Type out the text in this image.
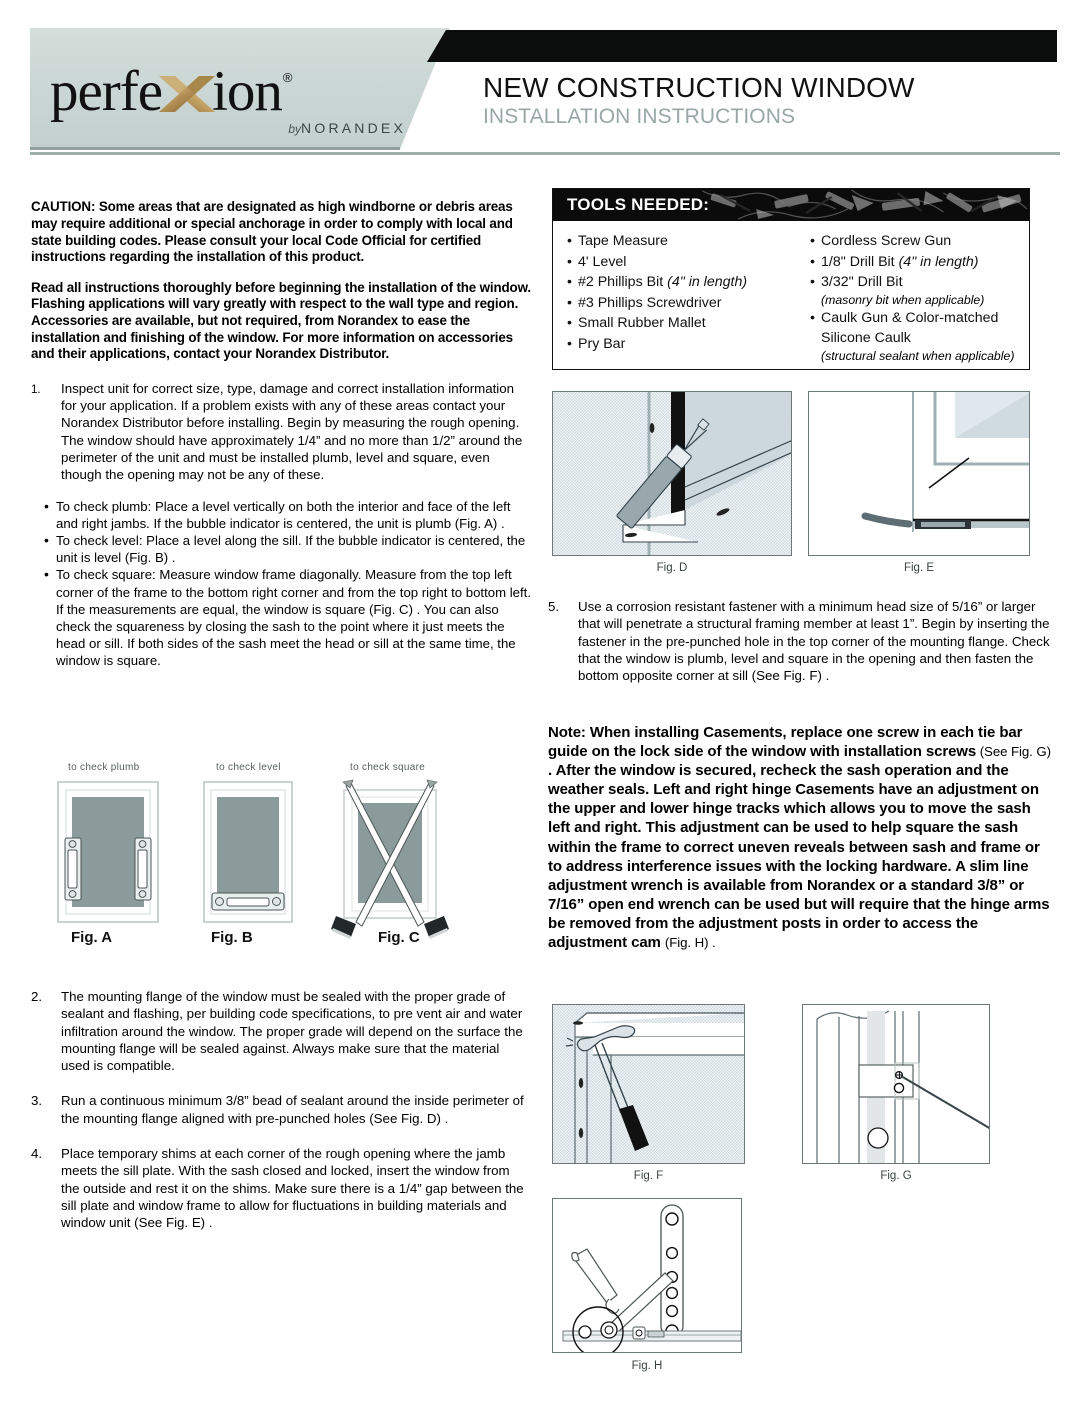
perfe ion®
byNORANDEX
NEW CONSTRUCTION WINDOW
INSTALLATION INSTRUCTIONS

CAUTION: Some areas that are designated as high windborne or debris areas may require additional or special anchorage in order to comply with local and state building codes. Please consult your local Code Official for certified instructions regarding the installation of this product.

Read all instructions thoroughly before beginning the installation of the window. Flashing applications will vary greatly with respect to the wall type and region. Accessories are available, but not required, from Norandex to ease the installation and finishing of the window. For more information on accessories and their applications, contact your Norandex Distributor.

1.	Inspect unit for correct size, type, damage and correct installation information for your application. If a problem exists with any of these areas contact your Norandex Distributor before installing. Begin by measuring the rough opening. The window should have approximately 1/4” and no more than 1/2” around the perimeter of the unit and must be installed plumb, level and square, even though the opening may not be any of these.
• To check plumb: Place a level vertically on both the interior and face of the left and right jambs. If the bubble indicator is centered, the unit is plumb (Fig. A) .
• To check level: Place a level along the sill. If the bubble indicator is centered, the unit is level (Fig. B) .
• To check square: Measure window frame diagonally. Measure from the top left corner of the frame to the bottom right corner and from the top right to bottom left. If the measurements are equal, the window is square (Fig. C) . You can also check the squareness by closing the sash to the point where it just meets the head or sill. If both sides of the sash meet the head or sill at the same time, the window is square.
to check plumb
Fig. A
to check level
Fig. B
to check square
Fig. C
2.	The mounting flange of the window must be sealed with the proper grade of sealant and flashing, per building code specifications, to pre vent air and water infiltration around the window. The proper grade will depend on the surface the mounting flange will be sealed against. Always make sure that the material used is compatible.
3.	Run a continuous minimum 3/8” bead of sealant around the inside perimeter of the mounting flange aligned with pre-punched holes (See Fig. D) .
4.	Place temporary shims at each corner of the rough opening where the jamb meets the sill plate. With the sash closed and locked, insert the window from the outside and rest it on the shims. Make sure there is a 1/4” gap between the sill plate and window frame to allow for fluctuations in building materials and window unit (See Fig. E) .
TOOLS NEEDED:
• Tape Measure
• 4' Level
• #2 Phillips Bit (4" in length)
• #3 Phillips Screwdriver
• Small Rubber Mallet
• Pry Bar
• Cordless Screw Gun
• 1/8" Drill Bit (4" in length)
• 3/32" Drill Bit
(masonry bit when applicable)
• Caulk Gun & Color-matched Silicone Caulk
(structural sealant when applicable)
Fig. D	Fig. E
5.	Use a corrosion resistant fastener with a minimum head size of 5/16” or larger that will penetrate a structural framing member at least 1”. Begin by inserting the fastener in the pre-punched hole in the top corner of the mounting flange. Check that the window is plumb, level and square in the opening and then fasten the bottom opposite corner at sill (See Fig. F) .
Note: When installing Casements, replace one screw in each tie bar guide on the lock side of the window with installation screws (See Fig. G) . After the window is secured, recheck the sash operation and the weather seals. Left and right hinge Casements have an adjustment on the upper and lower hinge tracks which allows you to move the sash left and right. This adjustment can be used to help square the sash within the frame to correct uneven reveals between sash and frame or to address interference issues with the locking hardware. A slim line adjustment wrench is available from Norandex or a standard 3/8” or 7/16” open end wrench can be used but will require that the hinge arms be removed from the adjustment posts in order to access the adjustment cam (Fig. H) .
Fig. F	Fig. G
Fig. H
